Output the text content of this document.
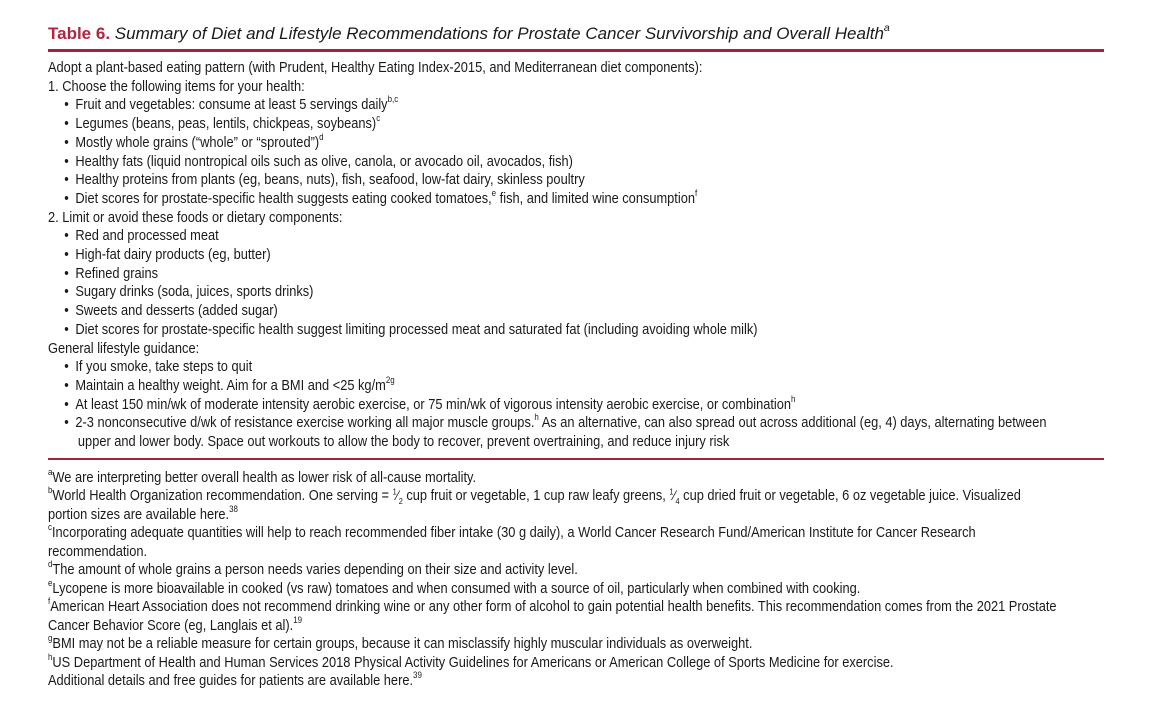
Table 6. Summary of Diet and Lifestyle Recommendations for Prostate Cancer Survivorship and Overall Health$^a$
Adopt a plant-based eating pattern (with Prudent, Healthy Eating Index-2015, and Mediterranean diet components):
1. Choose the following items for your health:
• Fruit and vegetables: consume at least 5 servings daily$^{b,c}$
• Legumes (beans, peas, lentils, chickpeas, soybeans)$^c$
• Mostly whole grains (“whole” or “sprouted”)$^d$
• Healthy fats (liquid nontropical oils such as olive, canola, or avocado oil, avocados, fish)
• Healthy proteins from plants (eg, beans, nuts), fish, seafood, low-fat dairy, skinless poultry
• Diet scores for prostate-specific health suggests eating cooked tomatoes,$^e$ fish, and limited wine consumption$^f$
2. Limit or avoid these foods or dietary components:
• Red and processed meat
• High-fat dairy products (eg, butter)
• Refined grains
• Sugary drinks (soda, juices, sports drinks)
• Sweets and desserts (added sugar)
• Diet scores for prostate-specific health suggest limiting processed meat and saturated fat (including avoiding whole milk)
General lifestyle guidance:
• If you smoke, take steps to quit
• Maintain a healthy weight. Aim for a BMI and <25 $kg/m^{2g}$
• At least 150 min/wk of moderate intensity aerobic exercise, or 75 min/wk of vigorous intensity aerobic exercise, or combination$^h$
• 2-3 nonconsecutive d/wk of resistance exercise working all major muscle groups.$^h$ As an alternative, can also spread out across additional (eg, 4) days, alternating between
upper and lower body. Space out workouts to allow the body to recover, prevent overtraining, and reduce injury risk
$^a$We are interpreting better overall health as lower risk of all-cause mortality.
$^b$World Health Organization recommendation. One serving = $^1⁄_2$ cup fruit or vegetable, 1 cup raw leafy greens, $^1⁄_4$ cup dried fruit or vegetable, 6 oz vegetable juice. Visualized
portion sizes are available here.$^{38}$
$^c$Incorporating adequate quantities will help to reach recommended fiber intake (30 g daily), a World Cancer Research Fund/American Institute for Cancer Research
recommendation.
$^d$The amount of whole grains a person needs varies depending on their size and activity level.
$^e$Lycopene is more bioavailable in cooked (vs raw) tomatoes and when consumed with a source of oil, particularly when combined with cooking.
$^f$American Heart Association does not recommend drinking wine or any other form of alcohol to gain potential health benefits. This recommendation comes from the 2021 Prostate
Cancer Behavior Score (eg, Langlais et al).$^{19}$
$^g$BMI may not be a reliable measure for certain groups, because it can misclassify highly muscular individuals as overweight.
$^h$US Department of Health and Human Services 2018 Physical Activity Guidelines for Americans or American College of Sports Medicine for exercise.
Additional details and free guides for patients are available here.$^{39}$
